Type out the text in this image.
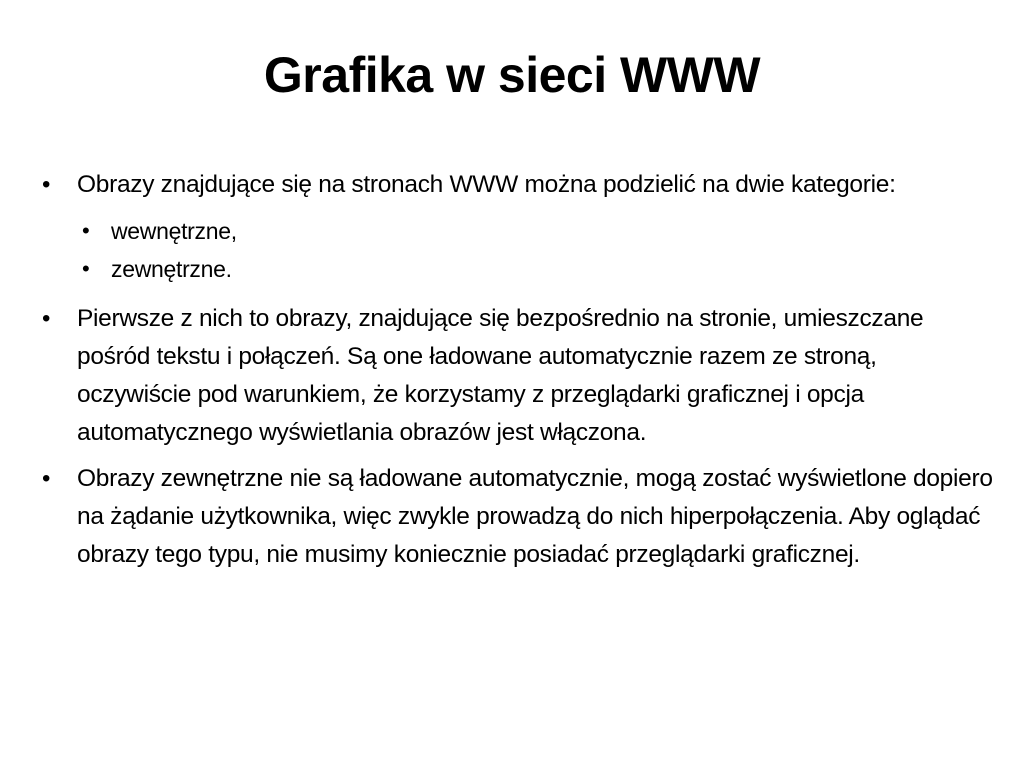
Grafika w sieci WWW
• Obrazy znajdujące się na stronach WWW można podzielić na dwie kategorie:
• wewnętrzne,
• zewnętrzne.
• Pierwsze z nich to obrazy, znajdujące się bezpośrednio na stronie, umieszczane pośród tekstu i połączeń. Są one ładowane automatycznie razem ze stroną, oczywiście pod warunkiem, że korzystamy z przeglądarki graficznej i opcja automatycznego wyświetlania obrazów jest włączona.
• Obrazy zewnętrzne nie są ładowane automatycznie, mogą zostać wyświetlone dopiero na żądanie użytkownika, więc zwykle prowadzą do nich hiperpołączenia. Aby oglądać obrazy tego typu, nie musimy koniecznie posiadać przeglądarki graficznej.
